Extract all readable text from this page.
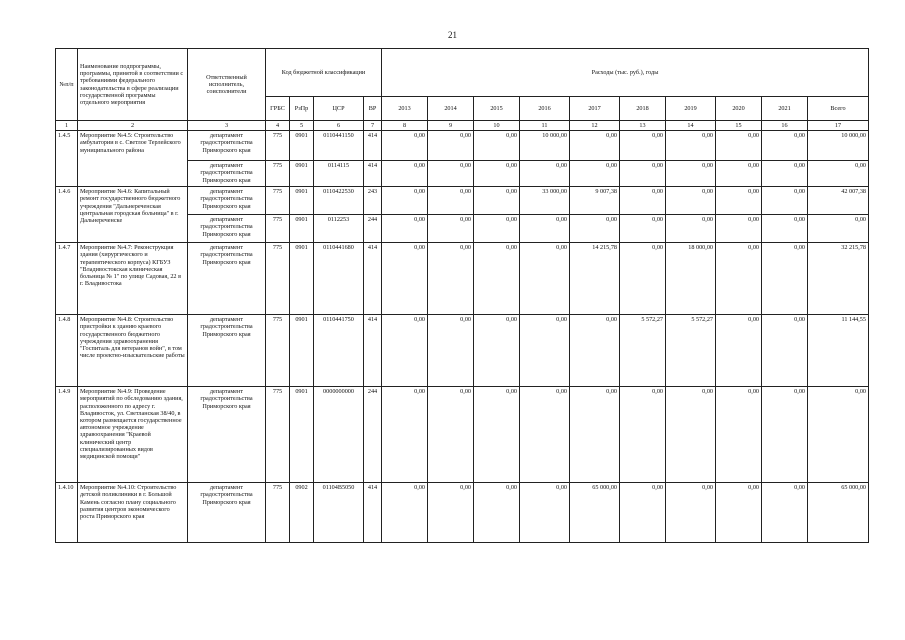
21
№п/п	Наименование подпрограммы, программы, принятой в соответствии с требованиями федерального законодательства в сфере реализации государственной программы отдельного мероприятия	Ответственный исполнитель, соисполнители	Код бюджетной классификации				Расходы (тыс. руб.), годы									
			ГРБС	РзПр	ЦСР	ВР	2013	2014	2015	2016	2017	2018	2019	2020	2021	Всего
1	2	3	4	5	6	7	8	9	10	11	12	13	14	15	16	17
1.4.5	Мероприятие №4.5: Строительство амбулатории в с. Светлое Терлейского муниципального района	департамент градостроительства Приморского края	775	0901	0110441150	414	0,00	0,00	0,00	10 000,00	0,00	0,00	0,00	0,00	0,00	10 000,00
		департамент градостроительства Приморского края	775	0901	0114115	414	0,00	0,00	0,00	0,00	0,00	0,00	0,00	0,00	0,00	0,00
1.4.6	Мероприятие №4.6: Капитальный ремонт государственного бюджетного учреждения "Дальнереченская центральная городская больница" в г. Дальнереченске	департамент градостроительства Приморского края	775	0901	0110422530	243	0,00	0,00	0,00	33 000,00	9 007,38	0,00	0,00	0,00	0,00	42 007,38
		департамент градостроительства Приморского края	775	0901	0112253	244	0,00	0,00	0,00	0,00	0,00	0,00	0,00	0,00	0,00	0,00
1.4.7	Мероприятие №4.7: Реконструкция здания (хирургического и терапевтического корпуса) КГБУЗ "Владивостокская клиническая больница № 1" по улице Садовая, 22 в г. Владивостока	департамент градостроительства Приморского края	775	0901	0110441680	414	0,00	0,00	0,00	0,00	14 215,78	0,00	18 000,00	0,00	0,00	32 215,78
1.4.8	Мероприятие №4.8: Строительство пристройки к зданию краевого государственного бюджетного учреждения здравоохранения "Госпиталь для ветеранов войн", в том числе проектно-изыскательские работы	департамент градостроительства Приморского края	775	0901	0110441750	414	0,00	0,00	0,00	0,00	0,00	5 572,27	5 572,27	0,00	0,00	11 144,55
1.4.9	Мероприятие №4.9: Проведение мероприятий по обследованию здания, расположенного по адресу г. Владивосток, ул. Светланская 38/40, в котором размещается государственное автономное учреждение здравоохранения "Краевой клинический центр специализированных видов медицинской помощи"	департамент градостроительства Приморского края	775	0901	0000000000	244	0,00	0,00	0,00	0,00	0,00	0,00	0,00	0,00	0,00	0,00
1.4.10	Мероприятие №4.10: Строительство детской поликлиники в г. Большой Камень согласно плану социального развития центров экономического роста Приморского края	департамент градостроительства Приморского края	775	0902	01104В5050	414	0,00	0,00	0,00	0,00	65 000,00	0,00	0,00	0,00	0,00	65 000,00
